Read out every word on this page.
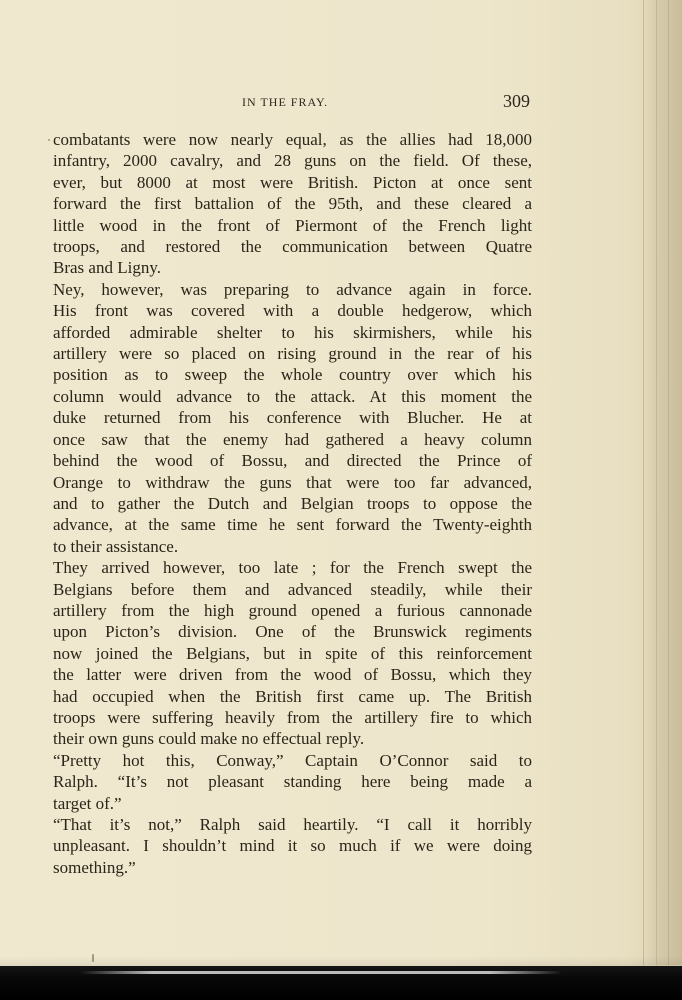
IN THE FRAY.	309
combatants were now nearly equal, as the allies had 18,000
infantry, 2000 cavalry, and 28 guns on the field. Of these,
ever, but 8000 at most were British. Picton at once sent
forward the first battalion of the 95th, and these cleared a
little wood in the front of Piermont of the French light
troops, and restored the communication between Quatre
Bras and Ligny.
Ney, however, was preparing to advance again in force.
His front was covered with a double hedgerow, which
afforded admirable shelter to his skirmishers, while his
artillery were so placed on rising ground in the rear of his
position as to sweep the whole country over which his
column would advance to the attack. At this moment the
duke returned from his conference with Blucher. He at
once saw that the enemy had gathered a heavy column
behind the wood of Bossu, and directed the Prince of
Orange to withdraw the guns that were too far advanced,
and to gather the Dutch and Belgian troops to oppose the
advance, at the same time he sent forward the Twenty-eighth
to their assistance.
They arrived however, too late ; for the French swept the
Belgians before them and advanced steadily, while their
artillery from the high ground opened a furious cannonade
upon Picton’s division. One of the Brunswick regiments
now joined the Belgians, but in spite of this reinforcement
the latter were driven from the wood of Bossu, which they
had occupied when the British first came up. The British
troops were suffering heavily from the artillery fire to which
their own guns could make no effectual reply.
“Pretty hot this, Conway,” Captain O’Connor said to
Ralph. “It’s not pleasant standing here being made a
target of.”
“That it’s not,” Ralph said heartily. “I call it horribly
unpleasant. I shouldn’t mind it so much if we were doing
something.”
